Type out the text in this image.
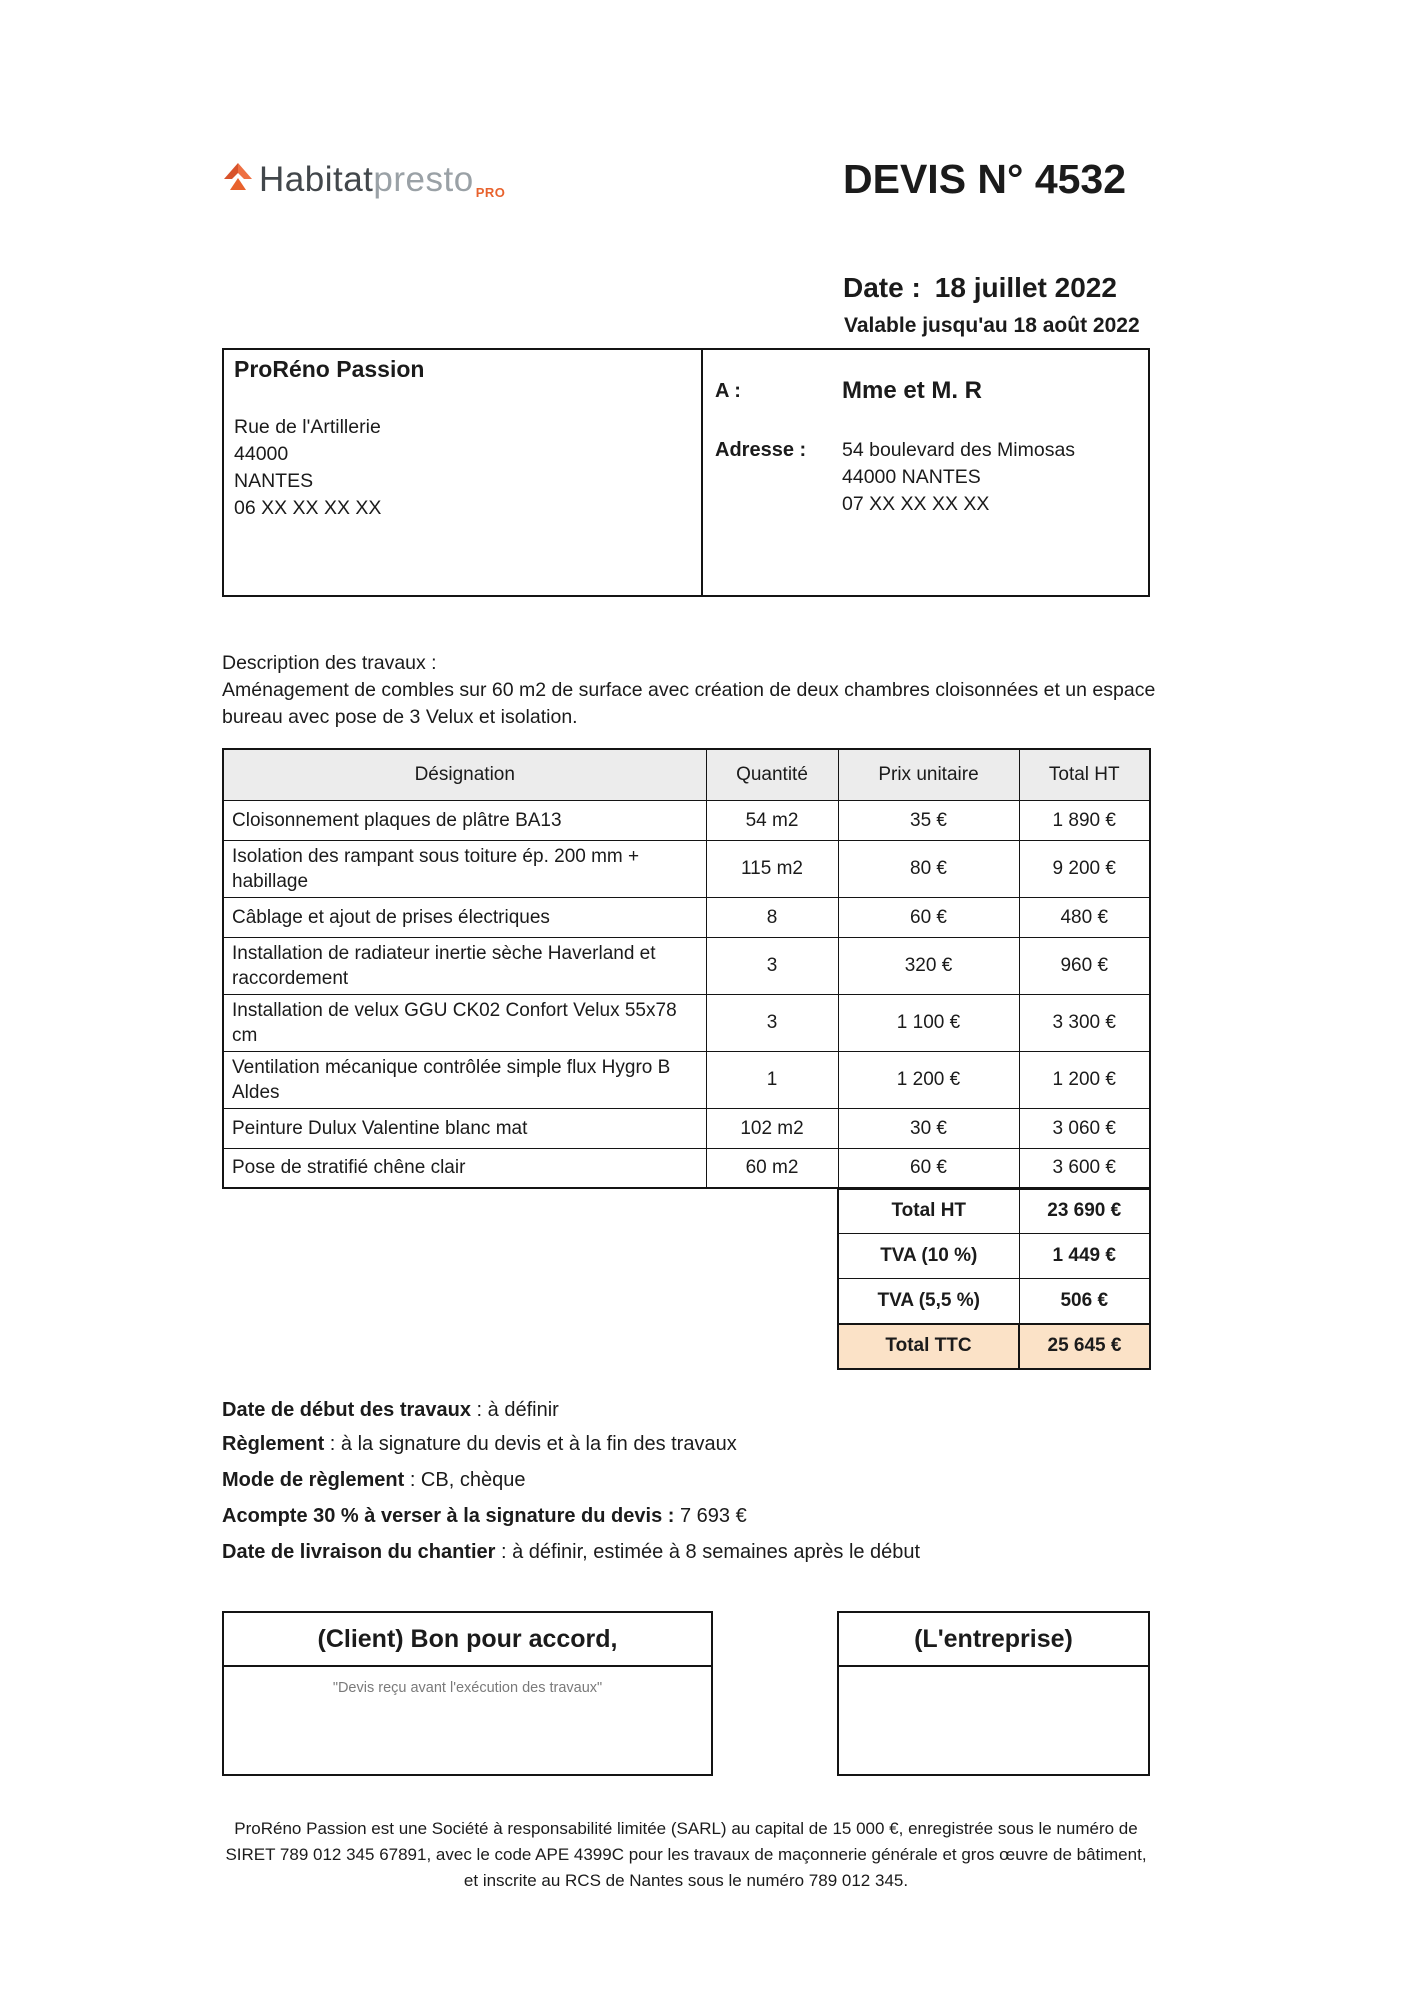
Habitatpresto PRO	DEVIS N° 4532
Date : 18 juillet 2022
Valable jusqu'au 18 août 2022
ProRéno Passion
Rue de l'Artillerie
44000
NANTES
06 XX XX XX XX
A :	Mme et M. R
Adresse :	54 boulevard des Mimosas
44000 NANTES
07 XX XX XX XX
Description des travaux :
Aménagement de combles sur 60 m2 de surface avec création de deux chambres cloisonnées et un espace
bureau avec pose de 3 Velux et isolation.
Désignation	Quantité	Prix unitaire	Total HT
Cloisonnement plaques de plâtre BA13	54 m2	35 €	1 890 €
Isolation des rampant sous toiture ép. 200 mm + habillage	115 m2	80 €	9 200 €
Câblage et ajout de prises électriques	8	60 €	480 €
Installation de radiateur inertie sèche Haverland et raccordement	3	320 €	960 €
Installation de velux GGU CK02 Confort Velux 55x78 cm	3	1 100 €	3 300 €
Ventilation mécanique contrôlée simple flux Hygro B Aldes	1	1 200 €	1 200 €
Peinture Dulux Valentine blanc mat	102 m2	30 €	3 060 €
Pose de stratifié chêne clair	60 m2	60 €	3 600 €
Total HT	23 690 €
TVA (10 %)	1 449 €
TVA (5,5 %)	506 €
Total TTC	25 645 €
Date de début des travaux : à définir
Règlement : à la signature du devis et à la fin des travaux
Mode de règlement : CB, chèque
Acompte 30 % à verser à la signature du devis : 7 693 €
Date de livraison du chantier : à définir, estimée à 8 semaines après le début
(Client) Bon pour accord,
"Devis reçu avant l'exécution des travaux"
(L'entreprise)
ProRéno Passion est une Société à responsabilité limitée (SARL) au capital de 15 000 €, enregistrée sous le numéro de
SIRET 789 012 345 67891, avec le code APE 4399C pour les travaux de maçonnerie générale et gros œuvre de bâtiment,
et inscrite au RCS de Nantes sous le numéro 789 012 345.
